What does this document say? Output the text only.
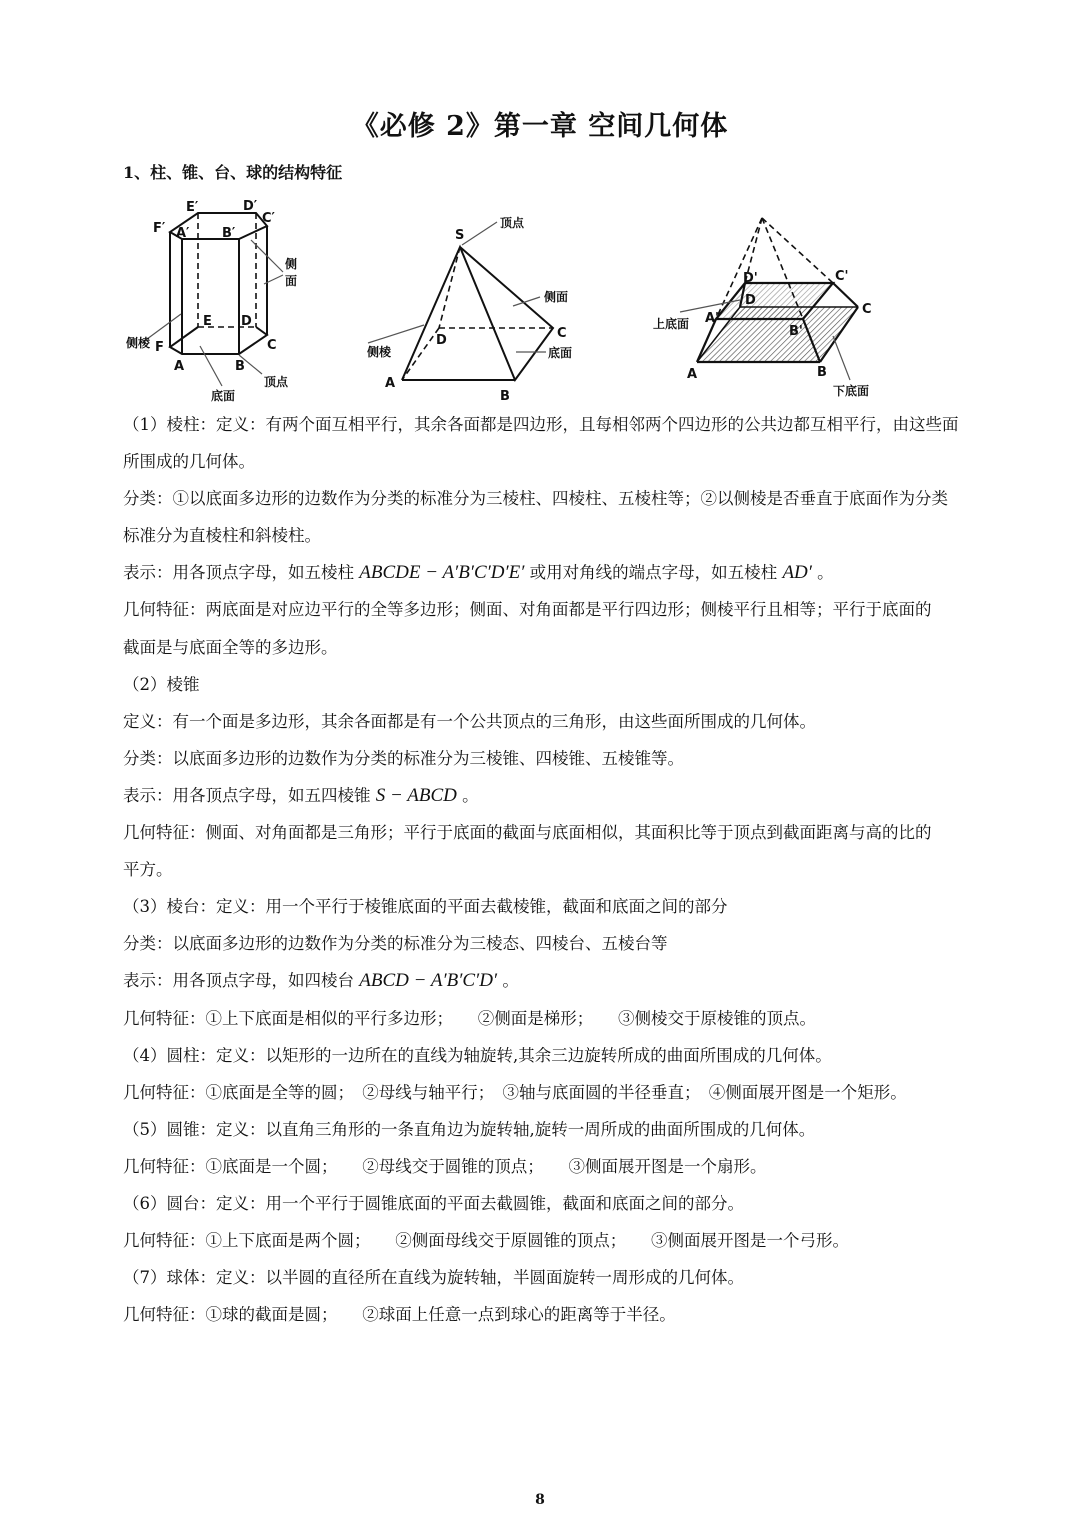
《必修 2》第一章 空间几何体
1、柱、锥、台、球的结构特征
E′	D′
C′
F′ A′	B′
侧
面
E D
C
F
A	B
侧棱
顶点
底面
S
顶点
侧面
C
D
底面
侧棱
A
B
D'	C'
D
C
A'
上底面	B'
A	B
下底面

（1）棱柱：定义：有两个面互相平行，其余各面都是四边形，且每相邻两个四边形的公共边都互相平行，由这些面所围成的几何体。

分类：①以底面多边形的边数作为分类的标准分为三棱柱、四棱柱、五棱柱等；②以侧棱是否垂直于底面作为分类标准分为直棱柱和斜棱柱。

表示：用各顶点字母，如五棱柱 ABCDE − A′B′C′D′E′ 或用对角线的端点字母，如五棱柱 AD′ 。

几何特征：两底面是对应边平行的全等多边形；侧面、对角面都是平行四边形；侧棱平行且相等；平行于底面的

截面是与底面全等的多边形。

（2）棱锥

定义：有一个面是多边形，其余各面都是有一个公共顶点的三角形，由这些面所围成的几何体。

分类：以底面多边形的边数作为分类的标准分为三棱锥、四棱锥、五棱锥等。

表示：用各顶点字母，如五四棱锥 S − ABCD 。

几何特征：侧面、对角面都是三角形；平行于底面的截面与底面相似，其面积比等于顶点到截面距离与高的比的

平方。

（3）棱台：定义：用一个平行于棱锥底面的平面去截棱锥，截面和底面之间的部分

分类：以底面多边形的边数作为分类的标准分为三棱态、四棱台、五棱台等

表示：用各顶点字母，如四棱台 ABCD − A′B′C′D′ 。

几何特征：①上下底面是相似的平行多边形；　　②侧面是梯形；　　③侧棱交于原棱锥的顶点。

（4）圆柱：定义：以矩形的一边所在的直线为轴旋转,其余三边旋转所成的曲面所围成的几何体。

几何特征：①底面是全等的圆；　②母线与轴平行；　③轴与底面圆的半径垂直；　④侧面展开图是一个矩形。

（5）圆锥：定义：以直角三角形的一条直角边为旋转轴,旋转一周所成的曲面所围成的几何体。

几何特征：①底面是一个圆；　　②母线交于圆锥的顶点；　　③侧面展开图是一个扇形。

（6）圆台：定义：用一个平行于圆锥底面的平面去截圆锥，截面和底面之间的部分。

几何特征：①上下底面是两个圆；　　②侧面母线交于原圆锥的顶点；　　③侧面展开图是一个弓形。

（7）球体：定义：以半圆的直径所在直线为旋转轴，半圆面旋转一周形成的几何体。

几何特征：①球的截面是圆；　　②球面上任意一点到球心的距离等于半径。

8
